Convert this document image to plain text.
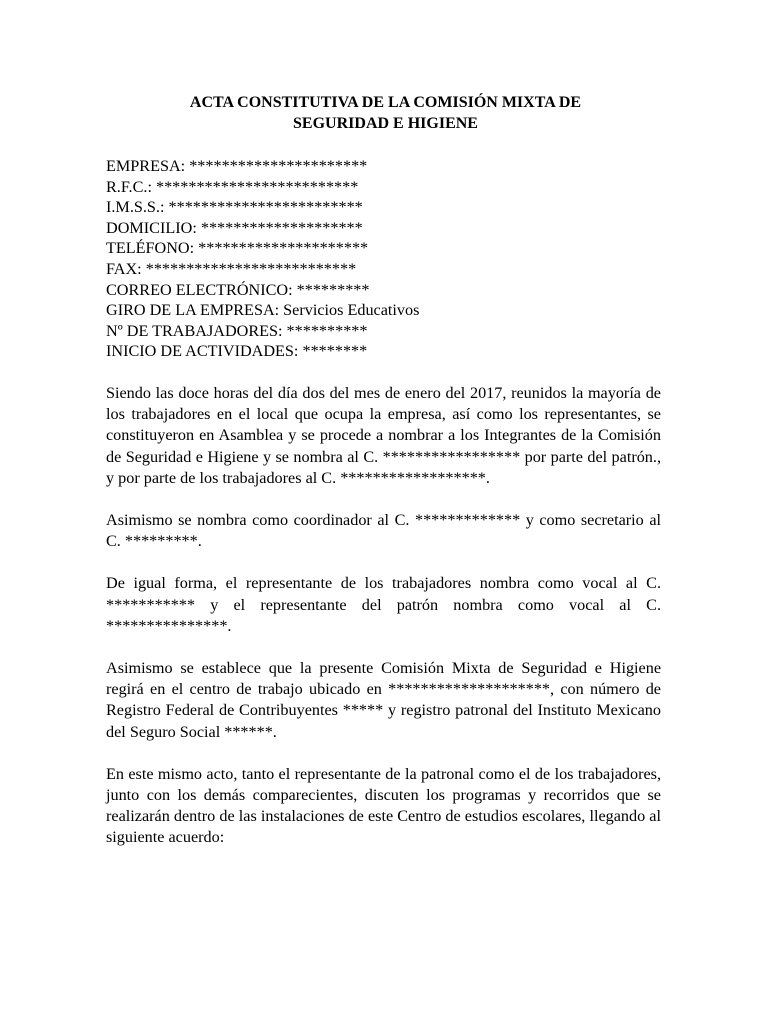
ACTA CONSTITUTIVA DE LA COMISIÓN MIXTA DE
SEGURIDAD E HIGIENE
EMPRESA: **********************
R.F.C.: *************************
I.M.S.S.: ************************
DOMICILIO: ********************
TELÉFONO: *********************
FAX: **************************
CORREO ELECTRÓNICO: *********
GIRO DE LA EMPRESA: Servicios Educativos
Nº DE TRABAJADORES: **********
INICIO DE ACTIVIDADES: ********

Siendo las doce horas del día dos del mes de enero del 2017, reunidos la mayoría de los trabajadores en el local que ocupa la empresa, así como los representantes, se constituyeron en Asamblea y se procede a nombrar a los Integrantes de la Comisión de Seguridad e Higiene y se nombra al C. ***************** por parte del patrón., y por parte de los trabajadores al C. ******************.

Asimismo se nombra como coordinador al C. ************* y como secretario al C. *********.

De igual forma, el representante de los trabajadores nombra como vocal al C. *********** y el representante del patrón nombra como vocal al C. ***************.

Asimismo se establece que la presente Comisión Mixta de Seguridad e Higiene regirá en el centro de trabajo ubicado en ********************, con número de Registro Federal de Contribuyentes ***** y registro patronal del Instituto Mexicano del Seguro Social ******.

En este mismo acto, tanto el representante de la patronal como el de los trabajadores, junto con los demás comparecientes, discuten los programas y recorridos que se realizarán dentro de las instalaciones de este Centro de estudios escolares, llegando al siguiente acuerdo:
